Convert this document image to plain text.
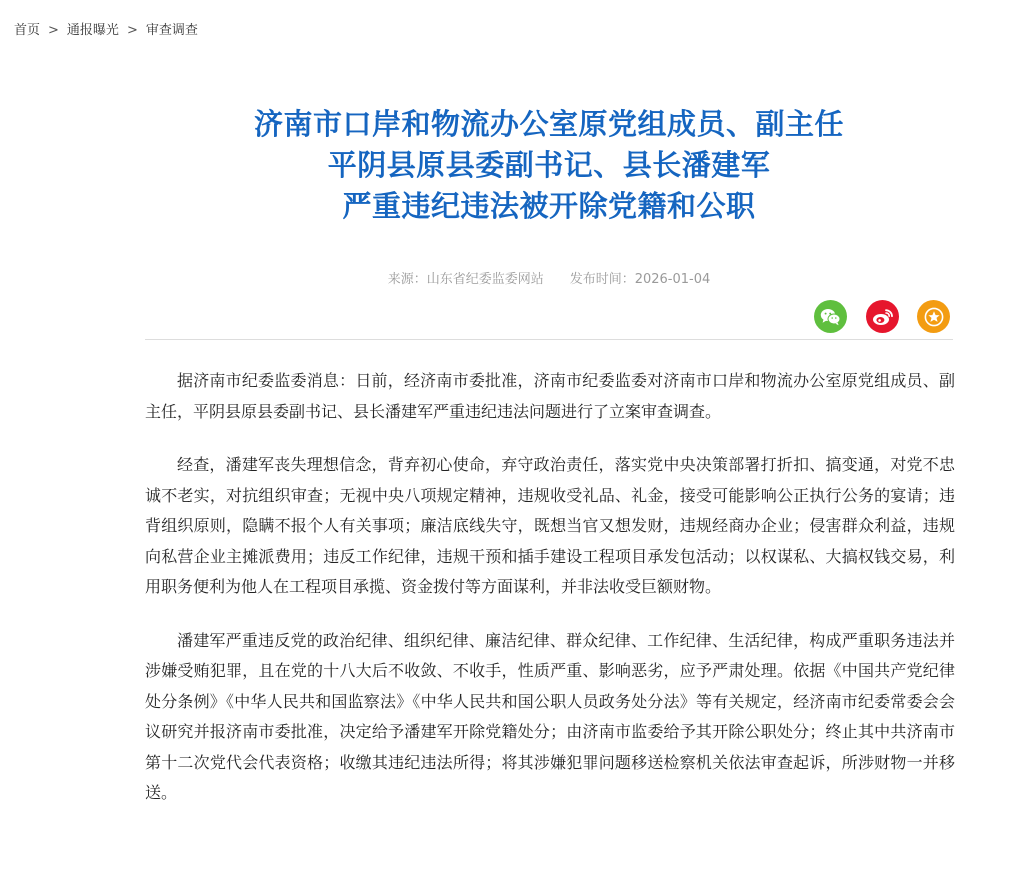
首页 > 通报曝光 > 审查调查
济南市口岸和物流办公室原党组成员、副主任
平阴县原县委副书记、县长潘建军
严重违纪违法被开除党籍和公职
来源：山东省纪委监委网站 发布时间：2026-01-04

据济南市纪委监委消息：日前，经济南市委批准，济南市纪委监委对济南市口岸和物流办公室原党组成员、副主任，平阴县原县委副书记、县长潘建军严重违纪违法问题进行了立案审查调查。

经查，潘建军丧失理想信念，背弃初心使命，弃守政治责任，落实党中央决策部署打折扣、搞变通，对党不忠诚不老实，对抗组织审查；无视中央八项规定精神，违规收受礼品、礼金，接受可能影响公正执行公务的宴请；违背组织原则，隐瞒不报个人有关事项；廉洁底线失守，既想当官又想发财，违规经商办企业；侵害群众利益，违规向私营企业主摊派费用；违反工作纪律，违规干预和插手建设工程项目承发包活动；以权谋私、大搞权钱交易，利用职务便利为他人在工程项目承揽、资金拨付等方面谋利，并非法收受巨额财物。

潘建军严重违反党的政治纪律、组织纪律、廉洁纪律、群众纪律、工作纪律、生活纪律，构成严重职务违法并涉嫌受贿犯罪，且在党的十八大后不收敛、不收手，性质严重、影响恶劣，应予严肃处理。依据《中国共产党纪律处分条例》《中华人民共和国监察法》《中华人民共和国公职人员政务处分法》等有关规定，经济南市纪委常委会会议研究并报济南市委批准，决定给予潘建军开除党籍处分；由济南市监委给予其开除公职处分；终止其中共济南市第十二次党代会代表资格；收缴其违纪违法所得；将其涉嫌犯罪问题移送检察机关依法审查起诉，所涉财物一并移送。
